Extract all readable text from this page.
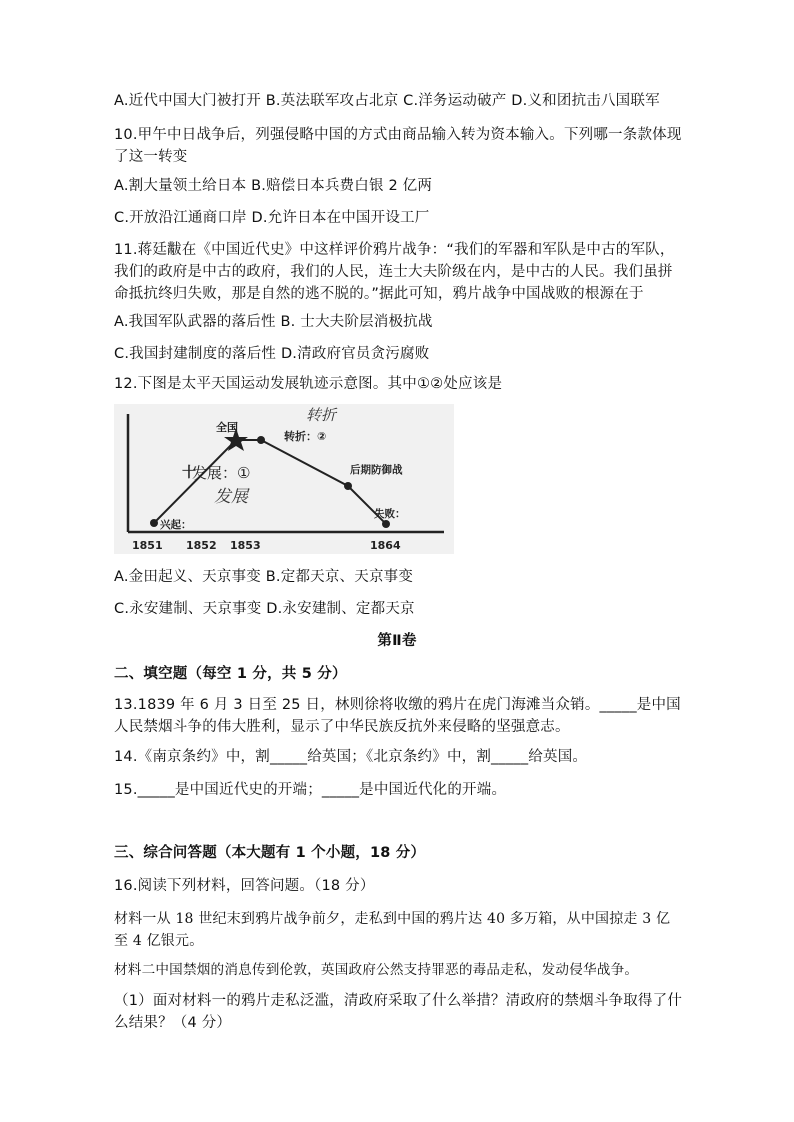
A.近代中国大门被打开 B.英法联军攻占北京 C.洋务运动破产 D.义和团抗击八国联军
10.甲午中日战争后，列强侵略中国的方式由商品输入转为资本输入。下列哪一条款体现了这一转变
A.割大量领土给日本 B.赔偿日本兵费白银 2 亿两
C.开放沿江通商口岸 D.允许日本在中国开设工厂
11.蒋廷黻在《中国近代史》中这样评价鸦片战争：“我们的军器和军队是中古的军队，我们的政府是中古的政府，我们的人民，连士大夫阶级在内，是中古的人民。我们虽拼命抵抗终归失败，那是自然的逃不脱的。”据此可知，鸦片战争中国战败的根源在于
A.我国军队武器的落后性 B. 士大夫阶层消极抗战
C.我国封建制度的落后性 D.清政府官员贪污腐败
12.下图是太平天国运动发展轨迹示意图。其中①②处应该是
十
发展：①
发展
全国
转折：②
转折
后期防御战
兴起：
失败：
1851 1852 1853	1864
A.金田起义、天京事变 B.定都天京、天京事变
C.永安建制、天京事变 D.永安建制、定都天京
第Ⅱ卷
二、填空题（每空 1 分，共 5 分）
13.1839 年 6 月 3 日至 25 日，林则徐将收缴的鸦片在虎门海滩当众销。_____是中国人民禁烟斗争的伟大胜利，显示了中华民族反抗外来侵略的坚强意志。
14.《南京条约》中，割_____给英国；《北京条约》中，割_____给英国。
15._____是中国近代史的开端；_____是中国近代化的开端。
三、综合问答题（本大题有 1 个小题，18 分）
16.阅读下列材料，回答问题。（18 分）
材料一从 18 世纪末到鸦片战争前夕，走私到中国的鸦片达 40 多万箱，从中国掠走 3 亿至 4 亿银元。
材料二中国禁烟的消息传到伦敦，英国政府公然支持罪恶的毒品走私，发动侵华战争。
（1）面对材料一的鸦片走私泛滥，清政府采取了什么举措？清政府的禁烟斗争取得了什么结果？（4 分）
